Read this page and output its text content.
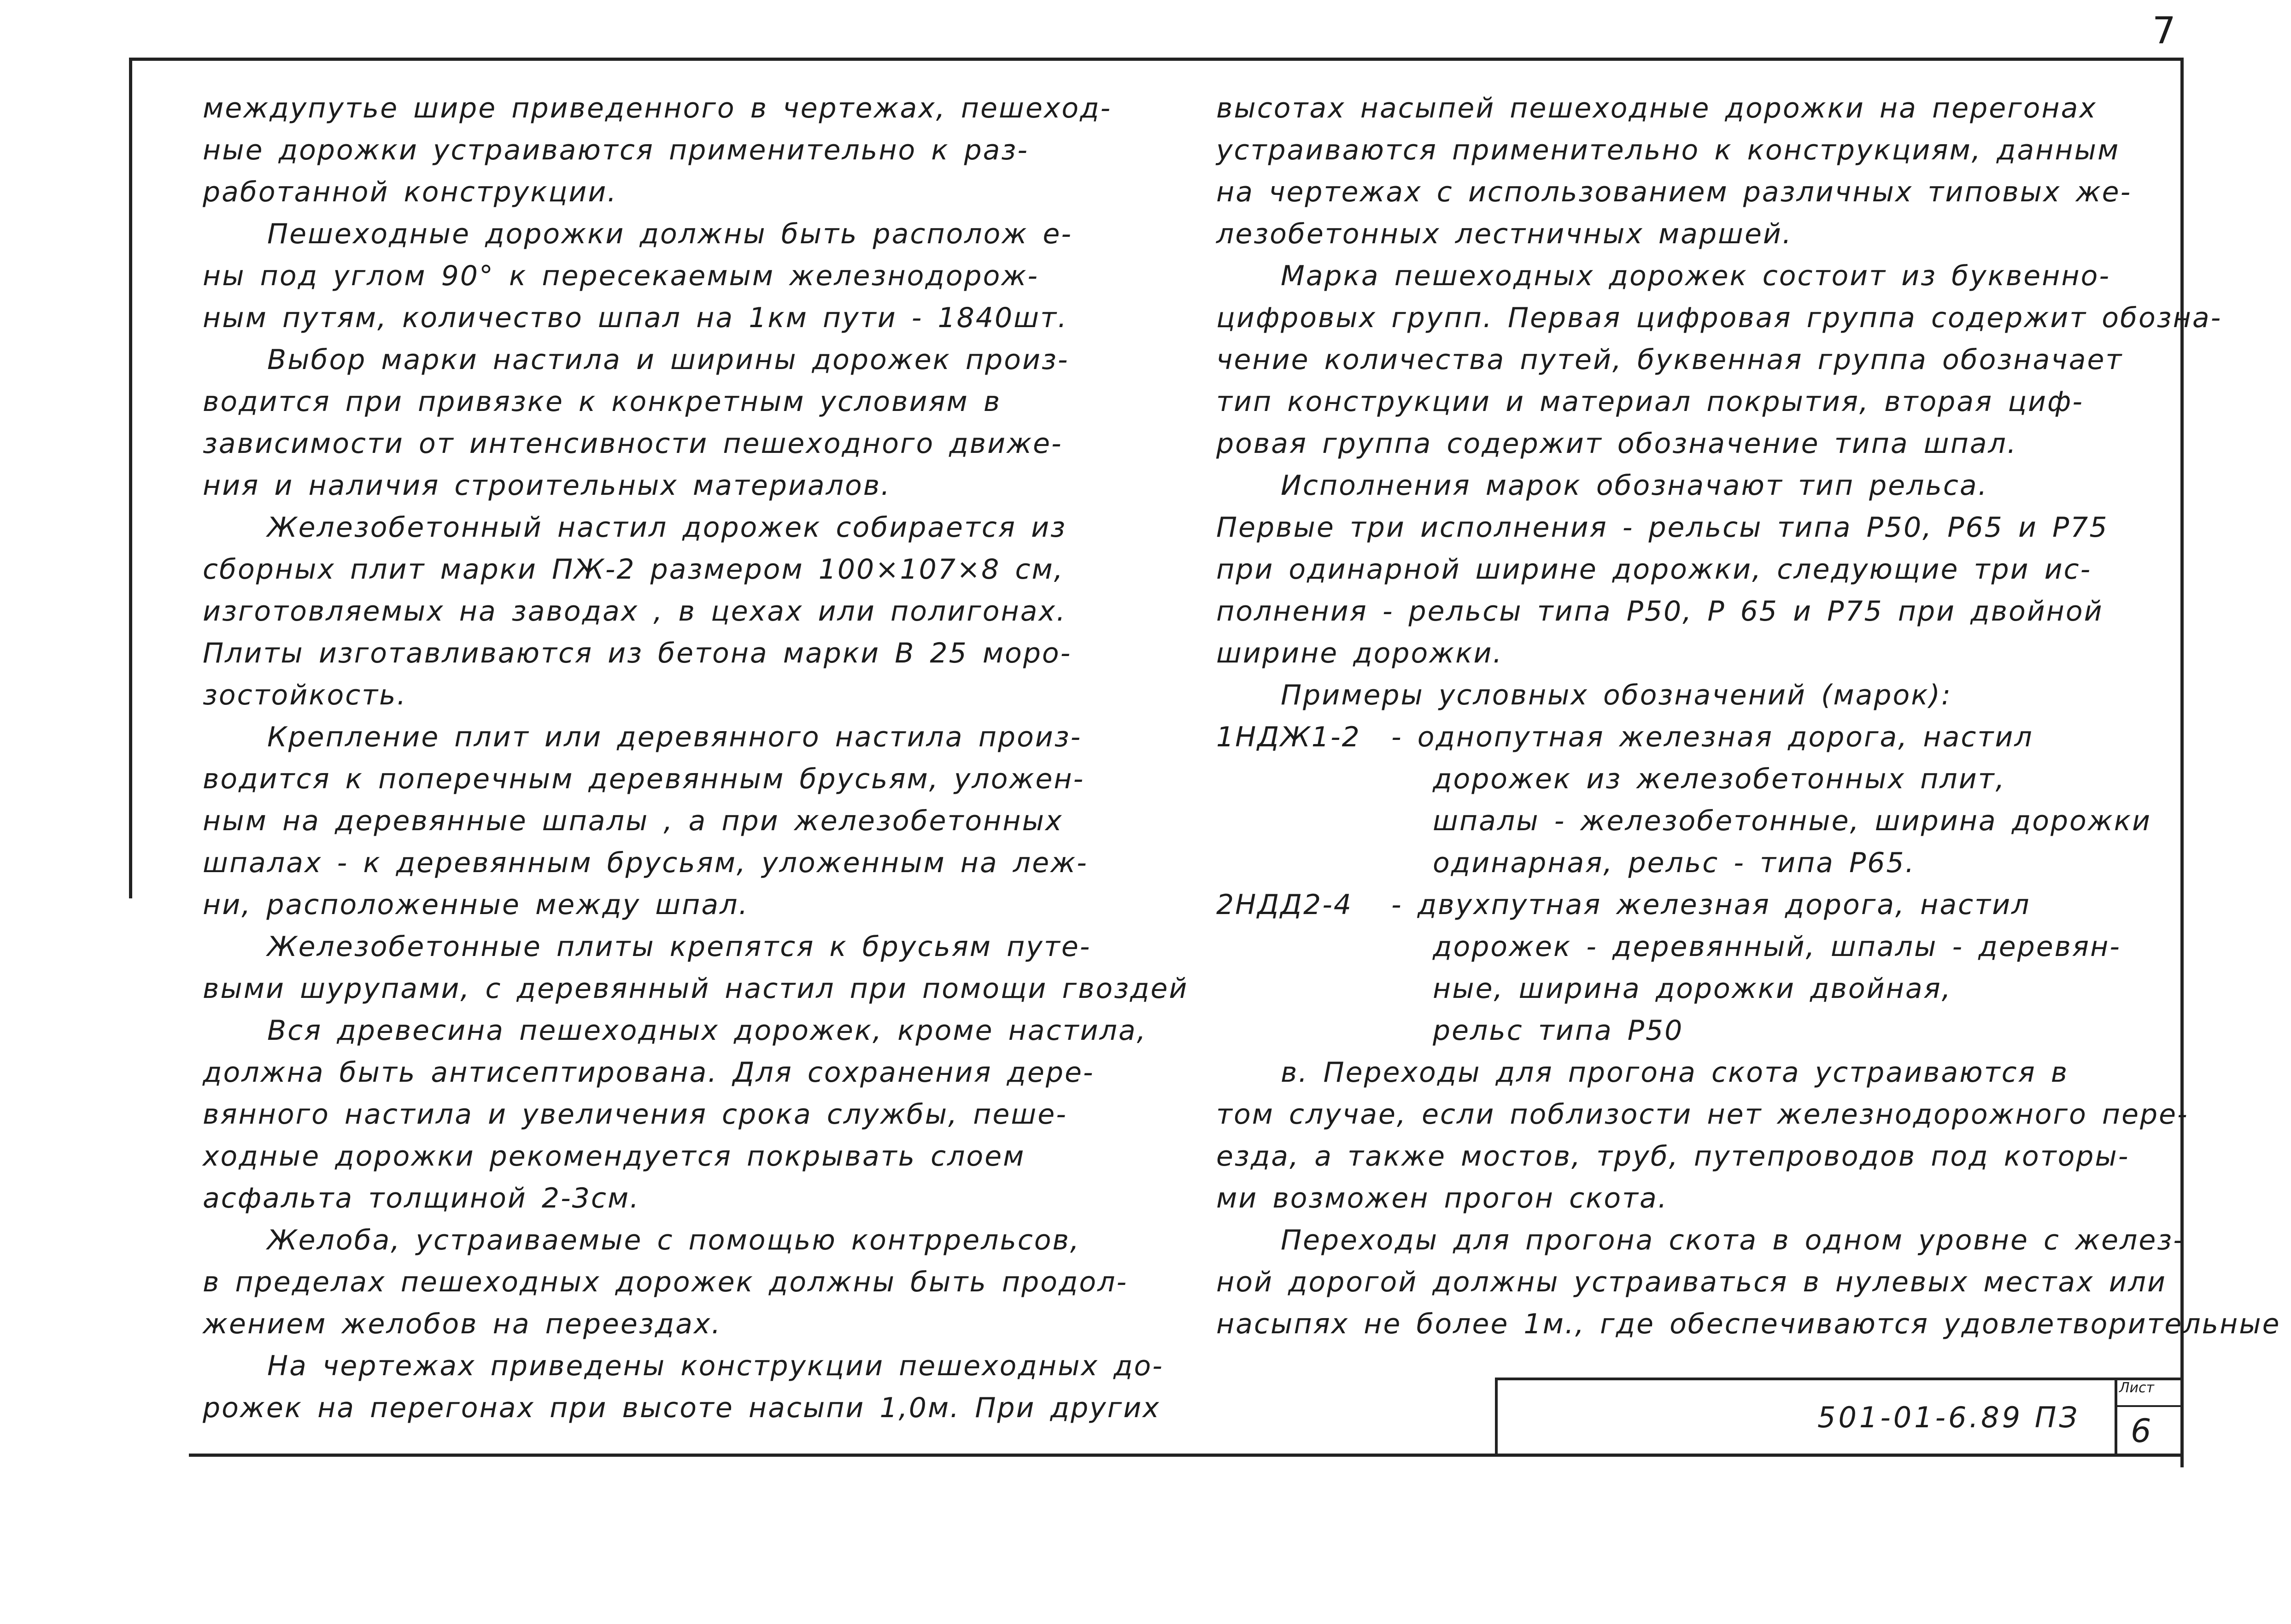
7
междупутье шире приведенного в чертежах, пешеход-
ные дорожки устраиваются применительно к раз-
работанной конструкции.
Пешеходные дорожки должны быть располож е-
ны под углом 90° к пересекаемым железнодорож-
ным путям, количество шпал на 1км пути - 1840шт.
Выбор марки настила и ширины дорожек произ-
водится при привязке к конкретным условиям в
зависимости от интенсивности пешеходного движе-
ния и наличия строительных материалов.
Железобетонный настил дорожек собирается из
сборных плит марки ПЖ-2 размером 100×107×8 см,
изготовляемых на заводах , в цехах или полигонах.
Плиты изготавливаются из бетона марки В 25 моро-
зостойкость.
Крепление плит или деревянного настила произ-
водится к поперечным деревянным брусьям, уложен-
ным на деревянные шпалы , а при железобетонных
шпалах - к деревянным брусьям, уложенным на леж-
ни, расположенные между шпал.
Железобетонные плиты крепятся к брусьям путе-
выми шурупами, с деревянный настил при помощи гвоздей
Вся древесина пешеходных дорожек, кроме настила,
должна быть антисептирована. Для сохранения дере-
вянного настила и увеличения срока службы, пеше-
ходные дорожки рекомендуется покрывать слоем
асфальта толщиной 2-3см.
Желоба, устраиваемые с помощью контррельсов,
в пределах пешеходных дорожек должны быть продол-
жением желобов на переездах.
На чертежах приведены конструкции пешеходных до-
рожек на перегонах при высоте насыпи 1,0м. При других
высотах насыпей пешеходные дорожки на перегонах
устраиваются применительно к конструкциям, данным
на чертежах с использованием различных типовых же-
лезобетонных лестничных маршей.
Марка пешеходных дорожек состоит из буквенно-
цифровых групп. Первая цифровая группа содержит обозна-
чение количества путей, буквенная группа обозначает
тип конструкции и материал покрытия, вторая циф-
ровая группа содержит обозначение типа шпал.
Исполнения марок обозначают тип рельса.
Первые три исполнения - рельсы типа Р50, Р65 и Р75
при одинарной ширине дорожки, следующие три ис-
полнения - рельсы типа Р50, Р 65 и Р75 при двойной
ширине дорожки.
Примеры условных обозначений (марок):
1НДЖ1-2 - однопутная железная дорога, настил
дорожек из железобетонных плит,
шпалы - железобетонные, ширина дорожки
одинарная, рельс - типа Р65.
2НДД2-4 - двухпутная железная дорога, настил
дорожек - деревянный, шпалы - деревян-
ные, ширина дорожки двойная,
рельс типа Р50
в. Переходы для прогона скота устраиваются в
том случае, если поблизости нет железнодорожного пере-
езда, а также мостов, труб, путепроводов под которы-
ми возможен прогон скота.
Переходы для прогона скота в одном уровне с желез-
ной дорогой должны устраиваться в нулевых местах или
насыпях не более 1м., где обеспечиваются удовлетворительные
501-01-6.89 ПЗ
Лист
6
